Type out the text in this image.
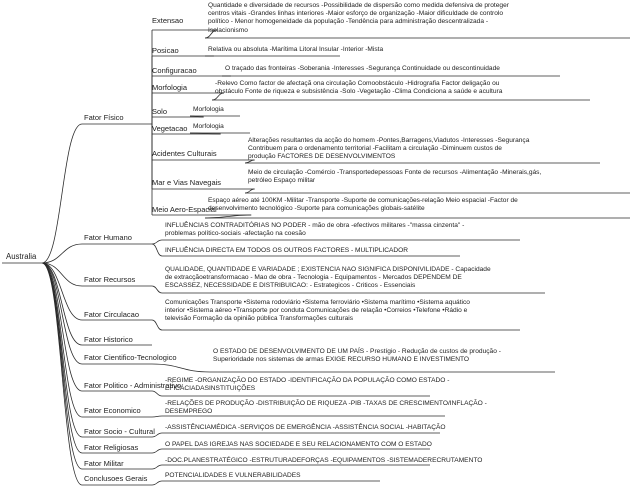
Australia
Fator Físico
Extensao
Quantidade e diversidade de recursos -Possibilidade de dispersão como medida defensiva de proteger
centros vitais -Grandes linhas interiores -Maior esforço de organização -Maior dificuldade de controlo
político - Menor homogeneidade da população -Tendência para administração descentralizada -
Isolacionismo
Posicao	Relativa ou absoluta -Marítima Litoral Insular -Interior -Mista
Configuracao	O traçado das fronteiras -Soberania -Interesses -Segurança Continuidade ou descontinuidade
Morfologia	-Relevo Como factor de afectaçã ona circulação Comoobstáculo -Hidrografia Factor deligação ou
obstáculo Fonte de riqueza e subsistência -Solo -Vegetação -Clima Condiciona a saúde e acultura
Solo	Morfologia
Vegetacao Morfologia
Acidentes Culturais
Alterações resultantes da acção do homem -Pontes,Barragens,Viadutos -Interesses -Segurança
Contribuem para o ordenamento territorial -Facilitam a circulação -Diminuem custos de
produção FACTORES DE DESENVOLVIMENTOS
Mar e Vias Navegais
Meio de circulação -Comércio -Transportedepessoas Fonte de recursos -Alimentação -Minerais,gás,
petróleo Espaço militar
Meio Aero-Espacial
Espaço aéreo até 100KM -Militar -Transporte -Suporte de comunicações-relação Meio espacial -Factor de
desenvolvimento tecnológico -Suporte para comunicações globais-satélite
Fator Humano
INFLUÊNCIAS CONTRADITÓRIAS NO PODER - mão de obra -efectivos militares -"massa cinzenta" -
problemas político-sociais -afectação na coesão
INFLUÊNCIA DIRECTA EM TODOS OS OUTROS FACTORES - MULTIPLICADOR
Fator Recursos
QUALIDADE, QUANTIDADE E VARIADADE ; EXISTENCIA NAO SIGNIFICA DISPONIVILIDADE - Capacidade
de extracçãoetransformacao - Mao de obra - Tecnologia - Equipamentos - Mercados DEPENDEM DE
ESCASSEZ, NECESSIDADE E DISTRIBUICAO: - Estrategicos - Criticos - Essenciais
Fator Circulacao
Comunicações Transporte •Sistema rodoviário •Sistema ferroviário •Sistema marítimo •Sistema aquático
interior •Sistema aéreo •Transporte por conduta Comunicações de relação •Correios •Telefone •Rádio e
televisão Formação da opinião pública Transformações culturais
Fator Historico
Fator Cientifico-Tecnologico
O ESTADO DE DESENVOLVIMENTO DE UM PAÍS - Prestígio - Redução de custos de produção -
Superioridade nos sistemas de armas EXIGE RECURSO HUMANO E INVESTIMENTO
Fator Politico - Administrativo
-REGIME -ORGANIZAÇÃO DO ESTADO -IDENTIFICAÇÃO DA POPULAÇÃO COMO ESTADO -
EFICÁCIADASINSTITUIÇÕES
Fator Economico
-RELAÇÕES DE PRODUÇÃO -DISTRIBUIÇÃO DE RIQUEZA -PIB -TAXAS DE CRESCIMENTO/INFLAÇÃO -
DESEMPREGO
Fator Socio - Cultural -ASSISTÊNCIAMÉDICA -SERVIÇOS DE EMERGÊNCIA -ASSISTÊNCIA SOCIAL -HABITAÇÃO
Fator Religiosas	O PAPEL DAS IGREJAS NAS SOCIEDADE E SEU RELACIONAMENTO COM O ESTADO
Fator Militar	-DOC.PLANESTRATÉGICO -ESTRUTURADEFORÇAS -EQUIPAMENTOS -SISTEMADERECRUTAMENTO
Conclusoes Gerais	POTENCIALIDADES E VULNERABILIDADES
